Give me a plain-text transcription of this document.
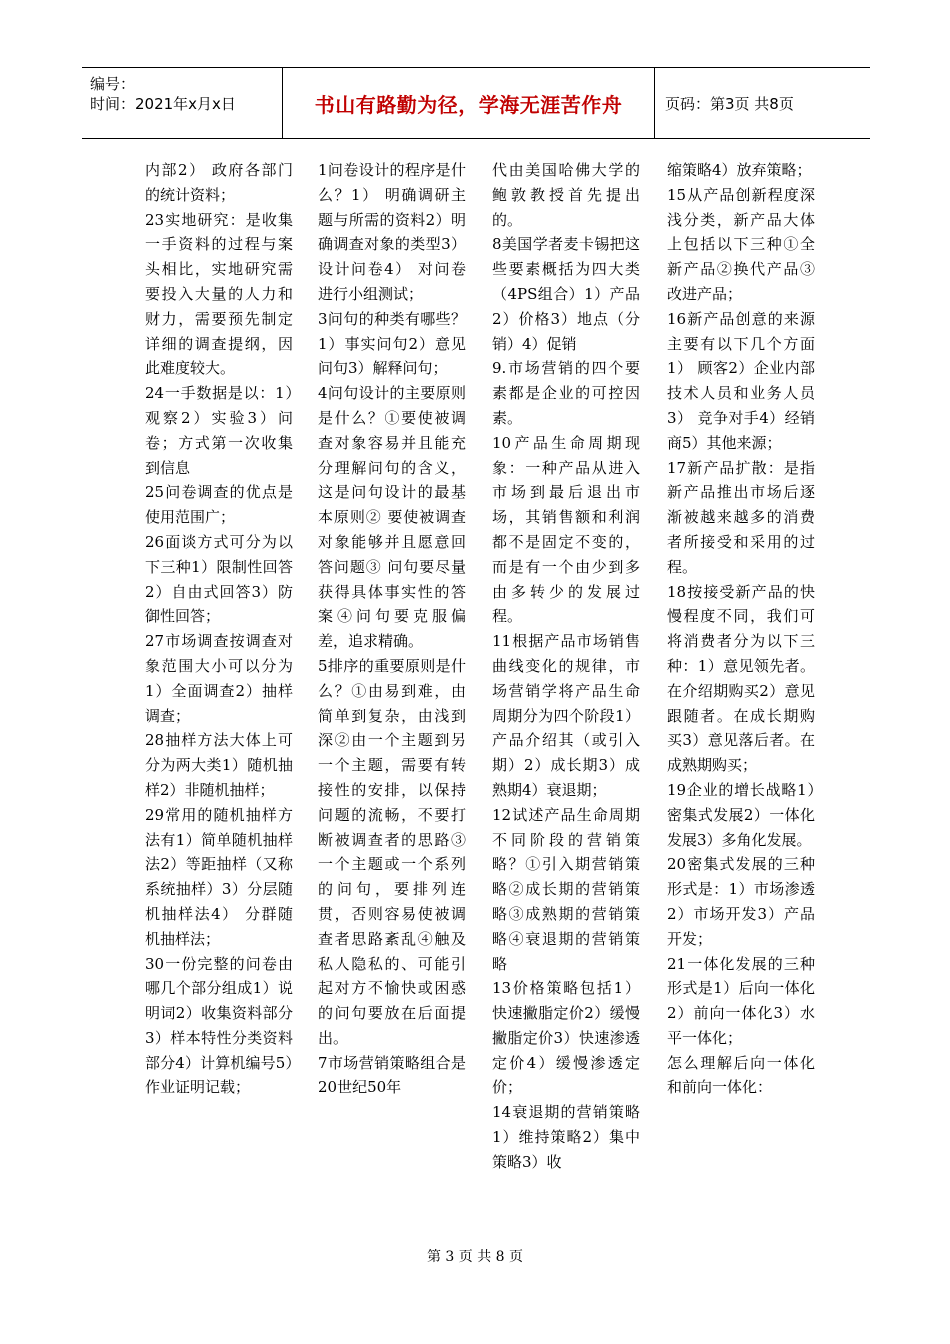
编号：
时间：2021年x月x日	书山有路勤为径，学海无涯苦作舟	页码：第3页 共8页

内部2） 政府各部门的统计资料；

23实地研究：是收集一手资料的过程与案头相比，实地研究需要投入大量的人力和　财力，需要预先制定详细的调查提纲，因此难度较大。

24一手数据是以：1）观察2）实验3）问卷；方式第一次收集到信息

25问卷调查的优点是使用范围广；

26面谈方式可分为以下三种1）限制性回答2）自由式回答3）防御性回答；

27市场调查按调查对象范围大小可以分为1）全面调查2）抽样调查；

28抽样方法大体上可分为两大类1）随机抽样2）非随机抽样；

29常用的随机抽样方法有1）简单随机抽样法2）等距抽样（又称系统抽样）3）分层随机抽样法4） 分群随机抽样法；

30一份完整的问卷由哪几个部分组成1）说明词2）收集资料部分3）样本特性分类资料部分4）计算机编号5）作业证明记载；

1问卷设计的程序是什么？1） 明确调研主题与所需的资料2）明确调查对象的类型3） 设计问卷4） 对问卷进行小组测试；

3问句的种类有哪些？1）事实问句2）意见问句3）解释问句；

4问句设计的主要原则是什么？①要使被调查对象容易并且能充分理解问句的含义，这是问句设计的最基本原则② 要使被调查对象能够并且愿意回答问题③ 问句要尽量获得具体事实性的答案④问句要克服偏差，追求精确。

5排序的重要原则是什么？①由易到难，由简单到复杂，由浅到深②由一个主题到另一个主题，需要有转接性的安排，以保持问题的流畅，不要打断被调查者的思路③一个主题或一个系列的问句，要排列连贯，否则容易使被调查者思路紊乱④触及私人隐私的、可能引起对方不愉快或困惑的问句要放在后面提出。

7市场营销策略组合是20世纪50年

代由美国哈佛大学的鲍敦教授首先提出的。

8美国学者麦卡锡把这些要素概括为四大类（4PS组合）1）产品2）价格3）地点（分销）4）促销

9.市场营销的四个要素都是企业的可控因素。

10产品生命周期现象：一种产品从进入市场到最后退出市场，其销售额和利润都不是固定不变的，而是有一个由少到多由多转少的发展过程。

11根据产品市场销售曲线变化的规律，市场营销学将产品生命周期分为四个阶段1）产品介绍其（或引入期）2）成长期3）成熟期4）衰退期；

12试述产品生命周期不同阶段的营销策略？①引入期营销策略②成长期的营销策略③成熟期的营销策略④衰退期的营销策略

13价格策略包括1）快速撇脂定价2）缓慢撇脂定价3）快速渗透定价4）缓慢渗透定价；

14衰退期的营销策略1）维持策略2）集中策略3）收

缩策略4）放弃策略；

15从产品创新程度深浅分类，新产品大体上包括以下三种①全新产品②换代产品③改进产品；

16新产品创意的来源主要有以下几个方面1） 顾客2）企业内部技术人员和业务人员3） 竞争对手4）经销商5）其他来源；

17新产品扩散：是指新产品推出市场后逐渐被越来越多的消费者所接受和采用的过程。

18按接受新产品的快慢程度不同，我们可将消费者分为以下三种：1）意见领先者。在介绍期购买2）意见跟随者。在成长期购买3）意见落后者。在成熟期购买；

19企业的增长战略1）密集式发展2）一体化发展3）多角化发展。

20密集式发展的三种形式是：1）市场渗透2）市场开发3）产品开发；

21一体化发展的三种形式是1）后向一体化2）前向一体化3）水平一体化；

怎么理解后向一体化和前向一体化：

第 3 页 共 8 页
